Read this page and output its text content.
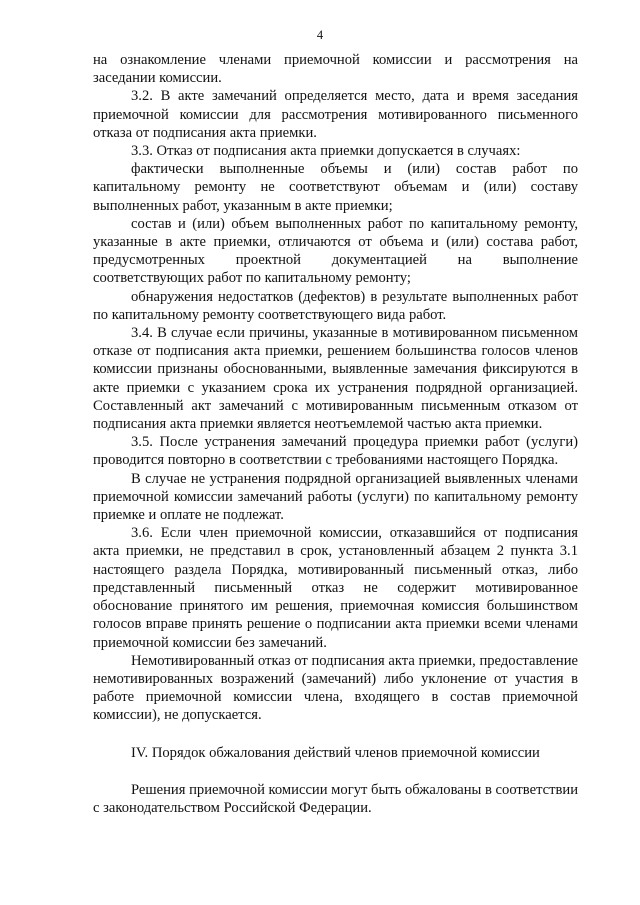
4

на ознакомление членами приемочной комиссии и рассмотрения на заседании комиссии.

3.2. В акте замечаний определяется место, дата и время заседания приемочной комиссии для рассмотрения мотивированного письменного отказа от подписания акта приемки.

3.3. Отказ от подписания акта приемки допускается в случаях:

фактически выполненные объемы и (или) состав работ по капитальному ремонту не соответствуют объемам и (или) составу выполненных работ, указанным в акте приемки;

состав и (или) объем выполненных работ по капитальному ремонту, указанные в акте приемки, отличаются от объема и (или) состава работ, предусмотренных проектной документацией на выполнение соответствующих работ по капитальному ремонту;

обнаружения недостатков (дефектов) в результате выполненных работ по капитальному ремонту соответствующего вида работ.

3.4. В случае если причины, указанные в мотивированном письменном отказе от подписания акта приемки, решением большинства голосов членов комиссии признаны обоснованными, выявленные замечания фиксируются в акте приемки с указанием срока их устранения подрядной организацией. Составленный акт замечаний с мотивированным письменным отказом от подписания акта приемки является неотъемлемой частью акта приемки.

3.5. После устранения замечаний процедура приемки работ (услуги) проводится повторно в соответствии с требованиями настоящего Порядка.

В случае не устранения подрядной организацией выявленных членами приемочной комиссии замечаний работы (услуги) по капитальному ремонту приемке и оплате не подлежат.

3.6. Если член приемочной комиссии, отказавшийся от подписания акта приемки, не представил в срок, установленный абзацем 2 пункта 3.1 настоящего раздела Порядка, мотивированный письменный отказ, либо представленный письменный отказ не содержит мотивированное обоснование принятого им решения, приемочная комиссия большинством голосов вправе принять решение о подписании акта приемки всеми членами приемочной комиссии без замечаний.

Немотивированный отказ от подписания акта приемки, предоставление немотивированных возражений (замечаний) либо уклонение от участия в работе приемочной комиссии члена, входящего в состав приемочной комиссии), не допускается.

IV. Порядок обжалования действий членов приемочной комиссии

Решения приемочной комиссии могут быть обжалованы в соответствии с законодательством Российской Федерации.
